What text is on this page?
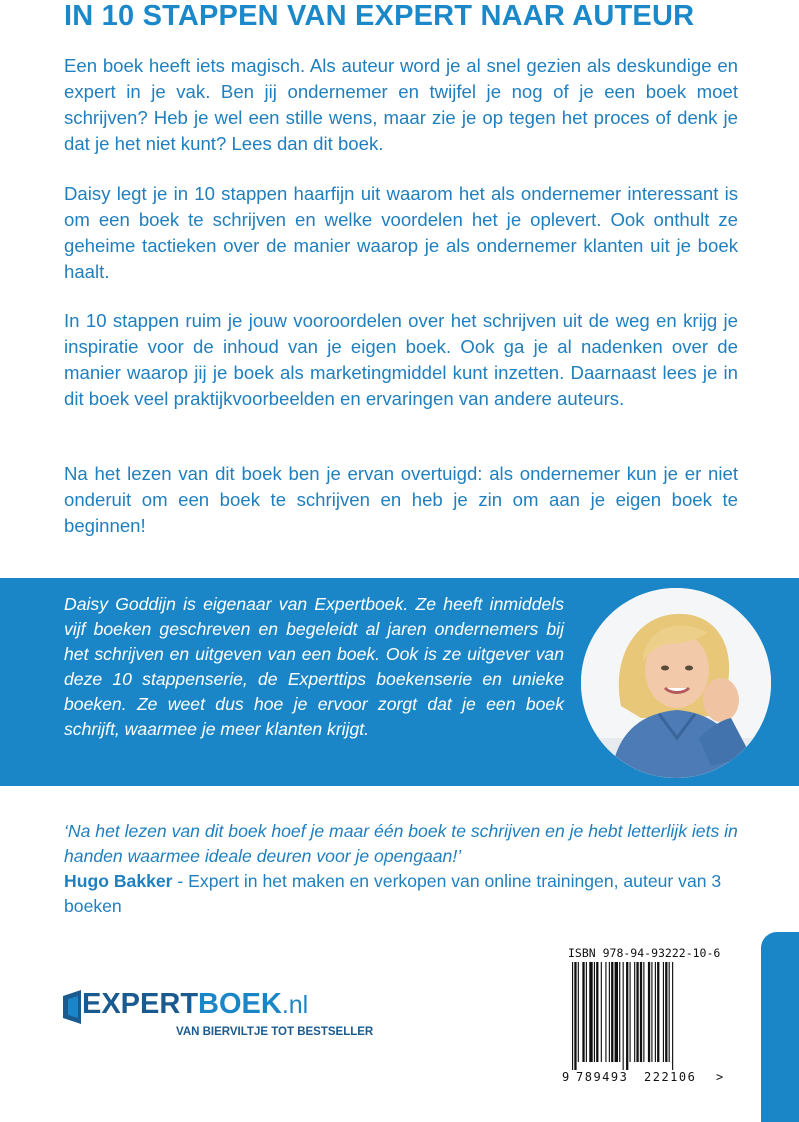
IN 10 STAPPEN VAN EXPERT NAAR AUTEUR

Een boek heeft iets magisch. Als auteur word je al snel gezien als deskundige en expert in je vak. Ben jij ondernemer en twijfel je nog of je een boek moet schrijven? Heb je wel een stille wens, maar zie je op tegen het proces of denk je dat je het niet kunt? Lees dan dit boek.

Daisy legt je in 10 stappen haarfijn uit waarom het als ondernemer interessant is om een boek te schrijven en welke voordelen het je oplevert. Ook onthult ze geheime tactieken over de manier waarop je als ondernemer klanten uit je boek haalt.

In 10 stappen ruim je jouw vooroordelen over het schrijven uit de weg en krijg je inspiratie voor de inhoud van je eigen boek. Ook ga je al nadenken over de manier waarop jij je boek als marketingmiddel kunt inzetten. Daarnaast lees je in dit boek veel praktijkvoorbeelden en ervaringen van andere auteurs.

Na het lezen van dit boek ben je ervan overtuigd: als ondernemer kun je er niet onderuit om een boek te schrijven en heb je zin om aan je eigen boek te beginnen!

Daisy Goddijn is eigenaar van Expertboek. Ze heeft inmiddels vijf boeken geschreven en begeleidt al jaren ondernemers bij het schrijven en uitgeven van een boek. Ook is ze uitgever van deze 10 stappenserie, de Experttips boekenserie en unieke boeken. Ze weet dus hoe je ervoor zorgt dat je een boek schrijft, waarmee je meer klanten krijgt.
‘Na het lezen van dit boek hoef je maar één boek te schrijven en je hebt letterlijk iets in handen waarmee ideale deuren voor je opengaan!’
Hugo Bakker - Expert in het maken en verkopen van online trainingen, auteur van 3 boeken
EXPERTBOEK.nl
VAN BIERVILTJE TOT BESTSELLER
ISBN 978-94-93222-10-6
9 789493 222106 >
